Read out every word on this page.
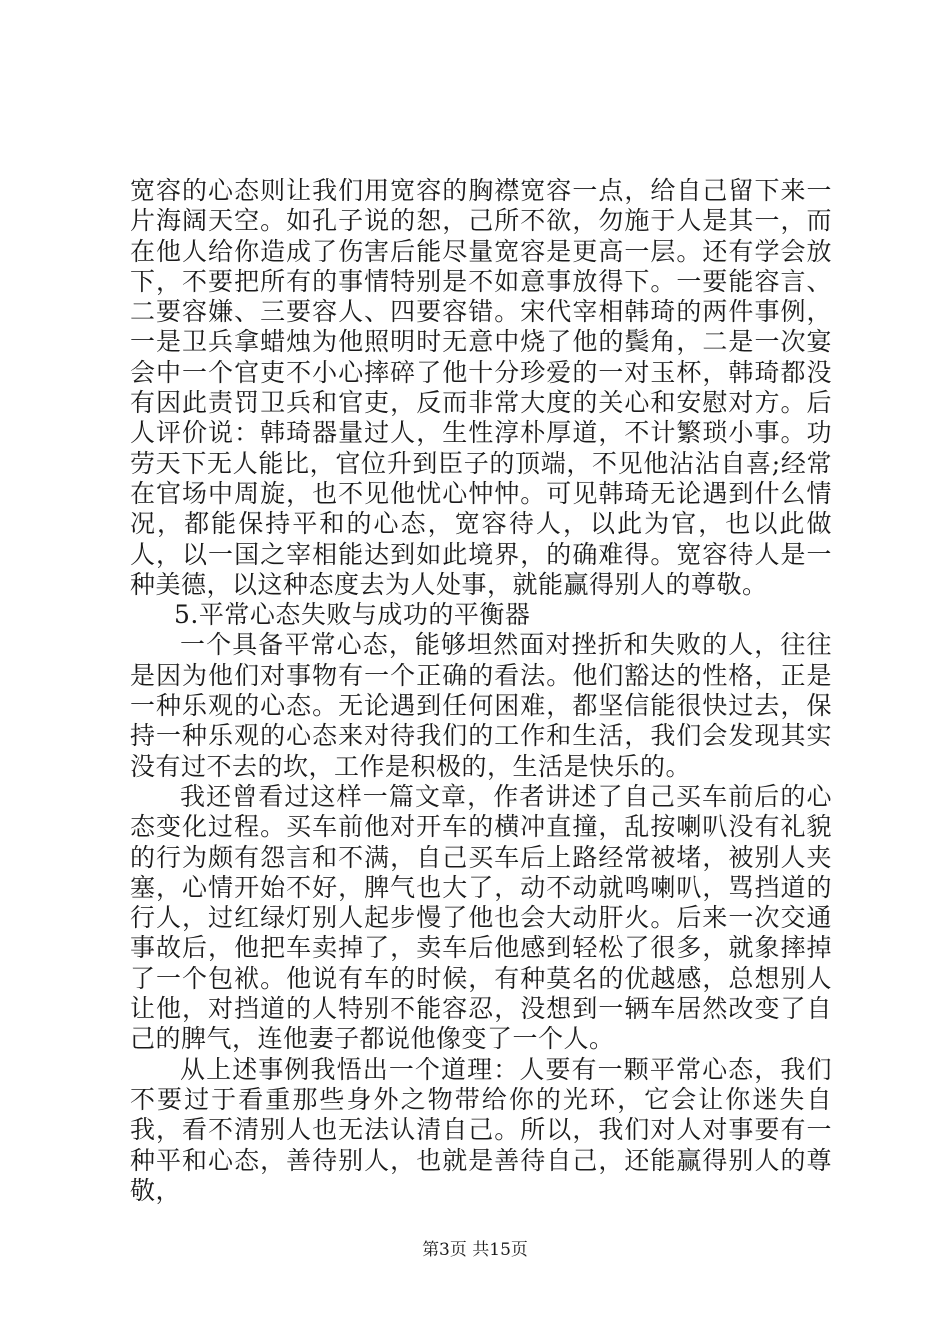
宽容的心态则让我们用宽容的胸襟宽容一点，给自己留下来一片海阔天空。如孔子说的恕，己所不欲，勿施于人是其一，而在他人给你造成了伤害后能尽量宽容是更高一层。还有学会放下，不要把所有的事情特别是不如意事放得下。一要能容言、二要容嫌、三要容人、四要容错。宋代宰相韩琦的两件事例，一是卫兵拿蜡烛为他照明时无意中烧了他的鬓角，二是一次宴会中一个官吏不小心摔碎了他十分珍爱的一对玉杯，韩琦都没有因此责罚卫兵和官吏，反而非常大度的关心和安慰对方。后人评价说：韩琦器量过人，生性淳朴厚道，不计繁琐小事。功劳天下无人能比，官位升到臣子的顶端，不见他沾沾自喜;经常在官场中周旋，也不见他忧心忡忡。可见韩琦无论遇到什么情况，都能保持平和的心态，宽容待人，以此为官，也以此做人，以一国之宰相能达到如此境界，的确难得。宽容待人是一种美德，以这种态度去为人处事，就能赢得别人的尊敬。

5.平常心态失败与成功的平衡器

一个具备平常心态，能够坦然面对挫折和失败的人，往往是因为他们对事物有一个正确的看法。他们豁达的性格，正是一种乐观的心态。无论遇到任何困难，都坚信能很快过去，保持一种乐观的心态来对待我们的工作和生活，我们会发现其实没有过不去的坎，工作是积极的，生活是快乐的。

我还曾看过这样一篇文章，作者讲述了自己买车前后的心态变化过程。买车前他对开车的横冲直撞，乱按喇叭没有礼貌的行为颇有怨言和不满，自己买车后上路经常被堵，被别人夹塞，心情开始不好，脾气也大了，动不动就鸣喇叭，骂挡道的行人，过红绿灯别人起步慢了他也会大动肝火。后来一次交通事故后，他把车卖掉了，卖车后他感到轻松了很多，就象摔掉了一个包袱。他说有车的时候，有种莫名的优越感，总想别人让他，对挡道的人特别不能容忍，没想到一辆车居然改变了自己的脾气，连他妻子都说他像变了一个人。

从上述事例我悟出一个道理：人要有一颗平常心态，我们不要过于看重那些身外之物带给你的光环，它会让你迷失自我，看不清别人也无法认清自己。所以，我们对人对事要有一种平和心态，善待别人，也就是善待自己，还能赢得别人的尊敬，

第3页 共15页
